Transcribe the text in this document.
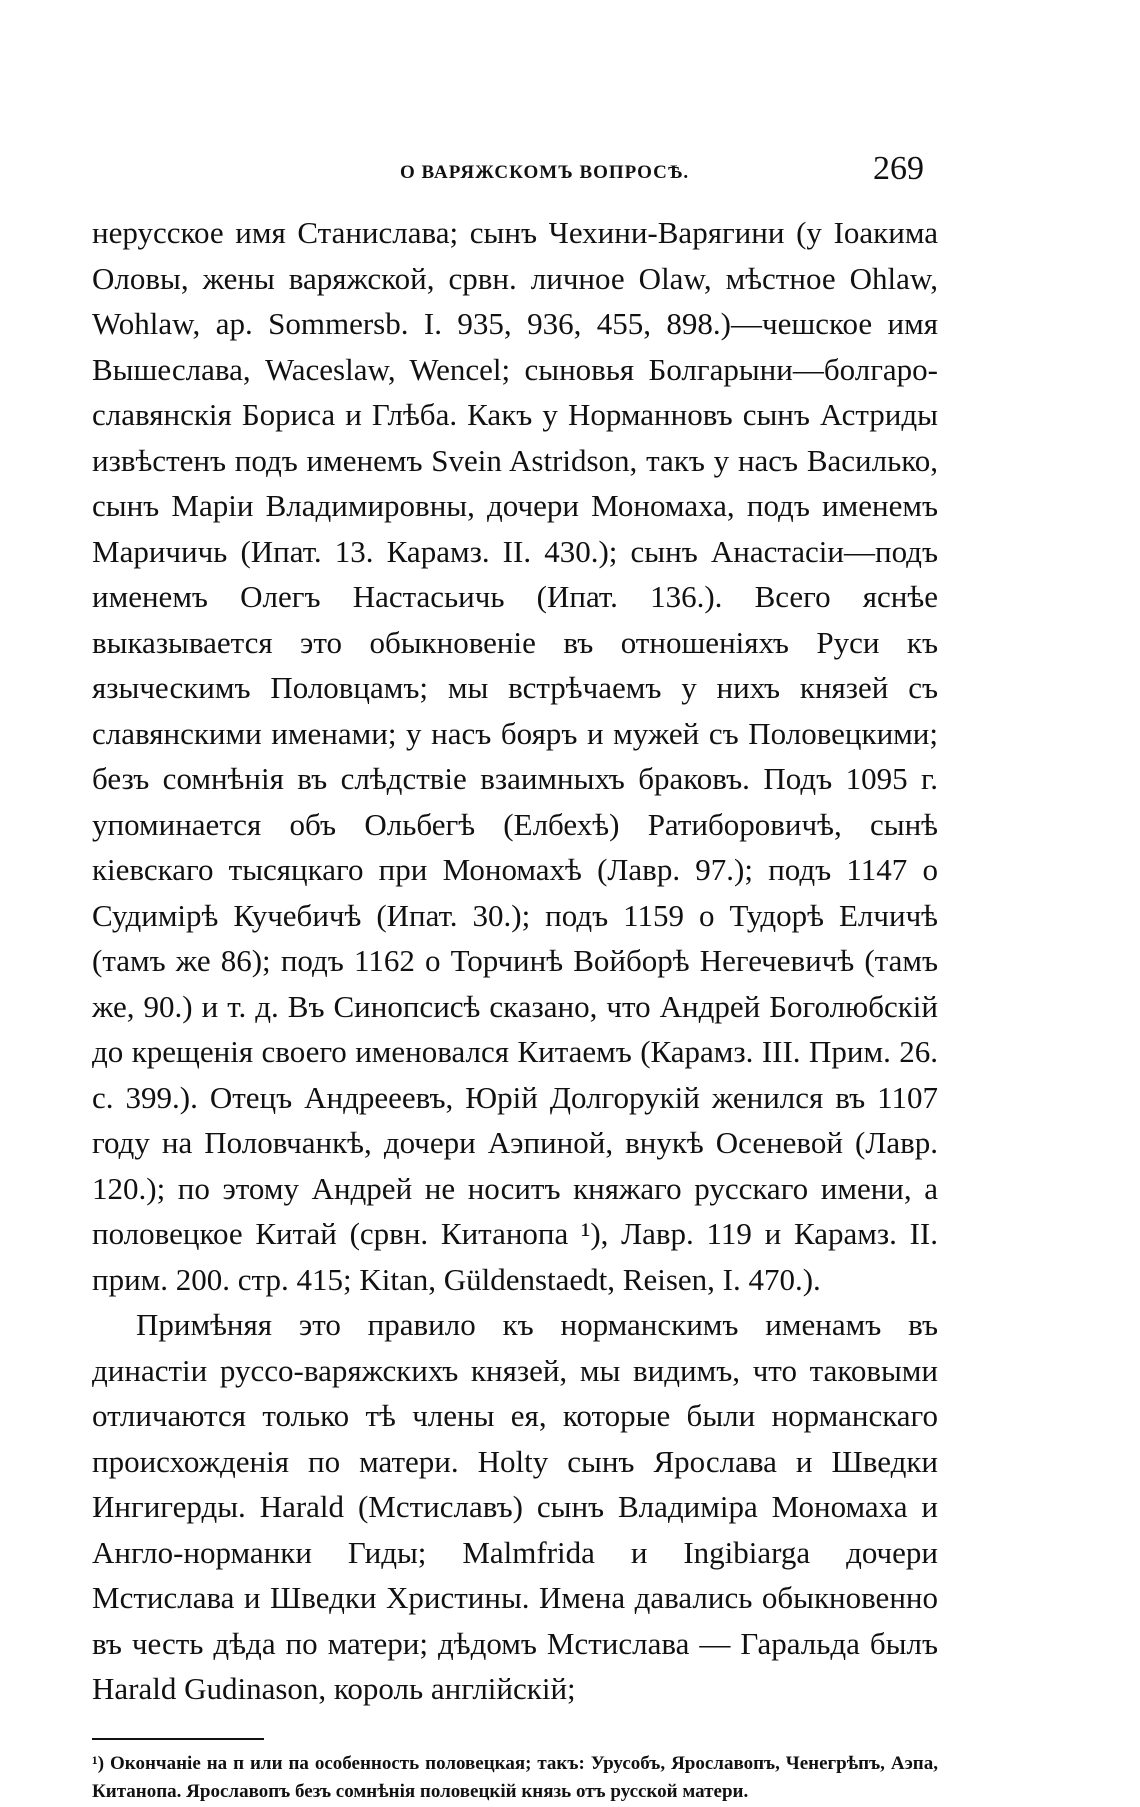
О ВАРЯЖСКОМЪ ВОПРОСѢ.	269

нерусское имя Станислава; сынъ Чехини-Варягини (у Іоакима Оловы, жены варяжской, срвн. личное Olaw, мѣстное Ohlaw, Wohlaw, ар. Sommersb. I. 935, 936, 455, 898.)—чешское имя Вышеслава, Waceslaw, Wencel; сыновья Болгарыни—болгаро-славянскія Бориса и Глѣба. Какъ у Норманновъ сынъ Астриды извѣстенъ подъ именемъ Svein Astrіdson, такъ у насъ Василько, сынъ Маріи Владимировны, дочери Мономаха, подъ именемъ Маричичь (Ипат. 13. Карамз. II. 430.); сынъ Анастасіи—подъ именемъ Олегъ Настасьичь (Ипат. 136.). Всего яснѣе выказывается это обыкновеніе въ отношеніяхъ Руси къ языческимъ Половцамъ; мы встрѣчаемъ у нихъ князей съ славянскими именами; у насъ бояръ и мужей съ Половецкими; безъ сомнѣнія въ слѣдствіе взаимныхъ браковъ. Подъ 1095 г. упоминается объ Ольбегѣ (Елбехѣ) Ратиборовичѣ, сынѣ кіевскаго тысяцкаго при Мономахѣ (Лавр. 97.); подъ 1147 о Судимірѣ Кучебичѣ (Ипат. 30.); подъ 1159 о Тудорѣ Елчичѣ (тамъ же 86); подъ 1162 о Торчинѣ Войборѣ Негечевичѣ (тамъ же, 90.) и т. д. Въ Синопсисѣ сказано, что Андрей Боголюбскій до крещенія своего именовался Китаемъ (Карамз. III. Прим. 26. с. 399.). Отецъ Андрееевъ, Юрій Долгорукій женился въ 1107 году на Половчанкѣ, дочери Аэпиной, внукѣ Осеневой (Лавр. 120.); по этому Андрей не носитъ княжаго русскаго имени, а половецкое Китай (срвн. Китанопа ¹), Лавр. 119 и Карамз. II. прим. 200. стр. 415; Kitan, Güldenstaedt, Reisen, I. 470.).

Примѣняя это правило къ норманскимъ именамъ въ династіи руссо-варяжскихъ князей, мы видимъ, что таковыми отличаются только тѣ члены ея, которые были норманскаго происхожденія по матери. Holty сынъ Ярослава и Шведки Ингигерды. Harald (Мстиславъ) сынъ Владиміра Мономаха и Англо-норманки Гиды; Malmfrida и Ingibiarga дочери Мстислава и Шведки Христины. Имена давались обыкновенно въ честь дѣда по матери; дѣдомъ Мстислава — Гаральда былъ Harald Gudinason, король англійскій;

¹) Окончаніе на п или па особенность половецкая; такъ: Урусобъ, Ярославопъ, Ченегрѣпъ, Аэпа, Китанопа. Ярославопъ безъ сомнѣнія половецкій князь отъ русской матери.
